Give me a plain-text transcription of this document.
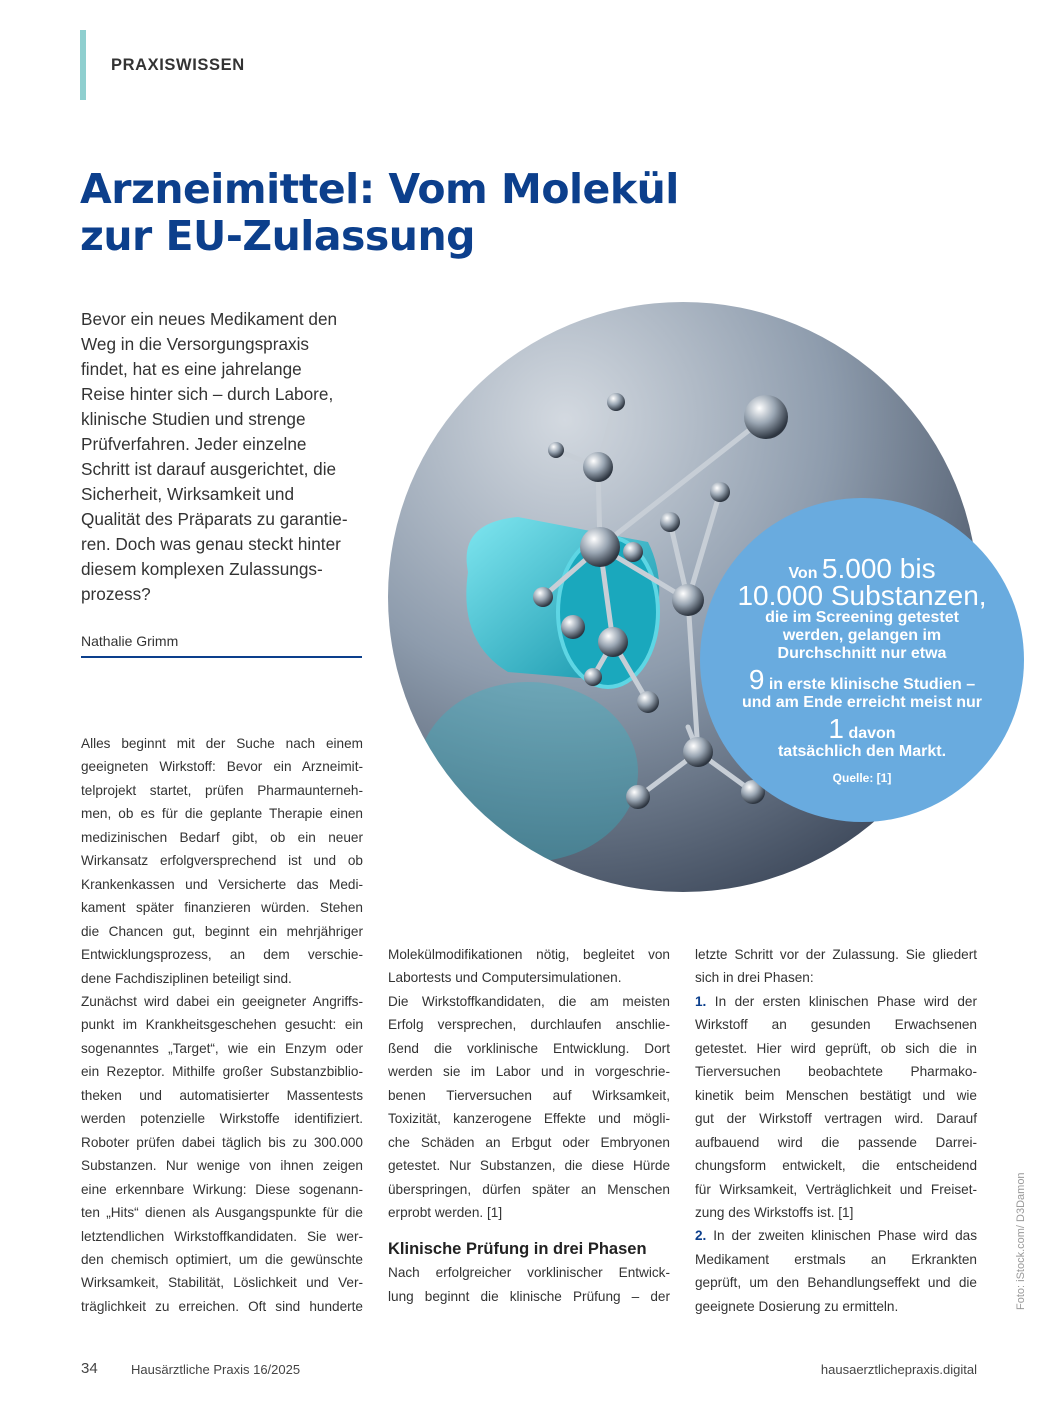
PRAXISWISSEN
Arzneimittel: Vom Molekül
zur EU-Zulassung
Bevor ein neues Medikament den
Weg in die Versorgungspraxis
findet, hat es eine jahrelange
Reise hinter sich – durch Labore,
klinische Studien und strenge
Prüfverfahren. Jeder einzelne
Schritt ist darauf ausgerichtet, die
Sicherheit, Wirksamkeit und
Qualität des Präparats zu garantie-
ren. Doch was genau steckt hinter
diesem komplexen Zulassungs-
prozess?
Nathalie Grimm
Von 5.000 bis
10.000 Substanzen,
die im Screening getestet
werden, gelangen im
Durchschnitt nur etwa
9 in erste klinische Studien –
und am Ende erreicht meist nur
1 davon
tatsächlich den Markt.
Quelle: [1]
Alles beginnt mit der Suche nach einem
geeigneten Wirkstoff: Bevor ein Arzneimit-
telprojekt startet, prüfen Pharmaunterneh-
men, ob es für die geplante Therapie einen
medizinischen Bedarf gibt, ob ein neuer
Wirkansatz erfolgversprechend ist und ob
Krankenkassen und Versicherte das Medi-
kament später finanzieren würden. Stehen
die Chancen gut, beginnt ein mehrjähriger
Entwicklungsprozess, an dem verschie-
dene Fachdisziplinen beteiligt sind.
Zunächst wird dabei ein geeigneter Angriffs-
punkt im Krankheitsgeschehen gesucht: ein
sogenanntes „Target“, wie ein Enzym oder
ein Rezeptor. Mithilfe großer Substanzbiblio-
theken und automatisierter Massentests
werden potenzielle Wirkstoffe identifiziert.
Roboter prüfen dabei täglich bis zu 300.000
Substanzen. Nur wenige von ihnen zeigen
eine erkennbare Wirkung: Diese sogenann-
ten „Hits“ dienen als Ausgangspunkte für die
letztendlichen Wirkstoffkandidaten. Sie wer-
den chemisch optimiert, um die gewünschte
Wirksamkeit, Stabilität, Löslichkeit und Ver-
träglichkeit zu erreichen. Oft sind hunderte
Molekülmodifikationen nötig, begleitet von
Labortests und Computersimulationen.
Die Wirkstoffkandidaten, die am meisten
Erfolg versprechen, durchlaufen anschlie-
ßend die vorklinische Entwicklung. Dort
werden sie im Labor und in vorgeschrie-
benen Tierversuchen auf Wirksamkeit,
Toxizität, kanzerogene Effekte und mögli-
che Schäden an Erbgut oder Embryonen
getestet. Nur Substanzen, die diese Hürde
überspringen, dürfen später an Menschen
erprobt werden. [1]
Klinische Prüfung in drei Phasen
Nach erfolgreicher vorklinischer Entwick-
lung beginnt die klinische Prüfung – der
letzte Schritt vor der Zulassung. Sie gliedert
sich in drei Phasen:
1. In der ersten klinischen Phase wird der
Wirkstoff an gesunden Erwachsenen
getestet. Hier wird geprüft, ob sich die in
Tierversuchen beobachtete Pharmako-
kinetik beim Menschen bestätigt und wie
gut der Wirkstoff vertragen wird. Darauf
aufbauend wird die passende Darrei-
chungsform entwickelt, die entscheidend
für Wirksamkeit, Verträglichkeit und Freiset-
zung des Wirkstoffs ist. [1]
2. In der zweiten klinischen Phase wird das
Medikament erstmals an Erkrankten
geprüft, um den Behandlungseffekt und die
geeignete Dosierung zu ermitteln.	Foto: iStock.com/ D3Damon
34	Hausärztliche Praxis 16/2025	hausaerztlichepraxis.digital
